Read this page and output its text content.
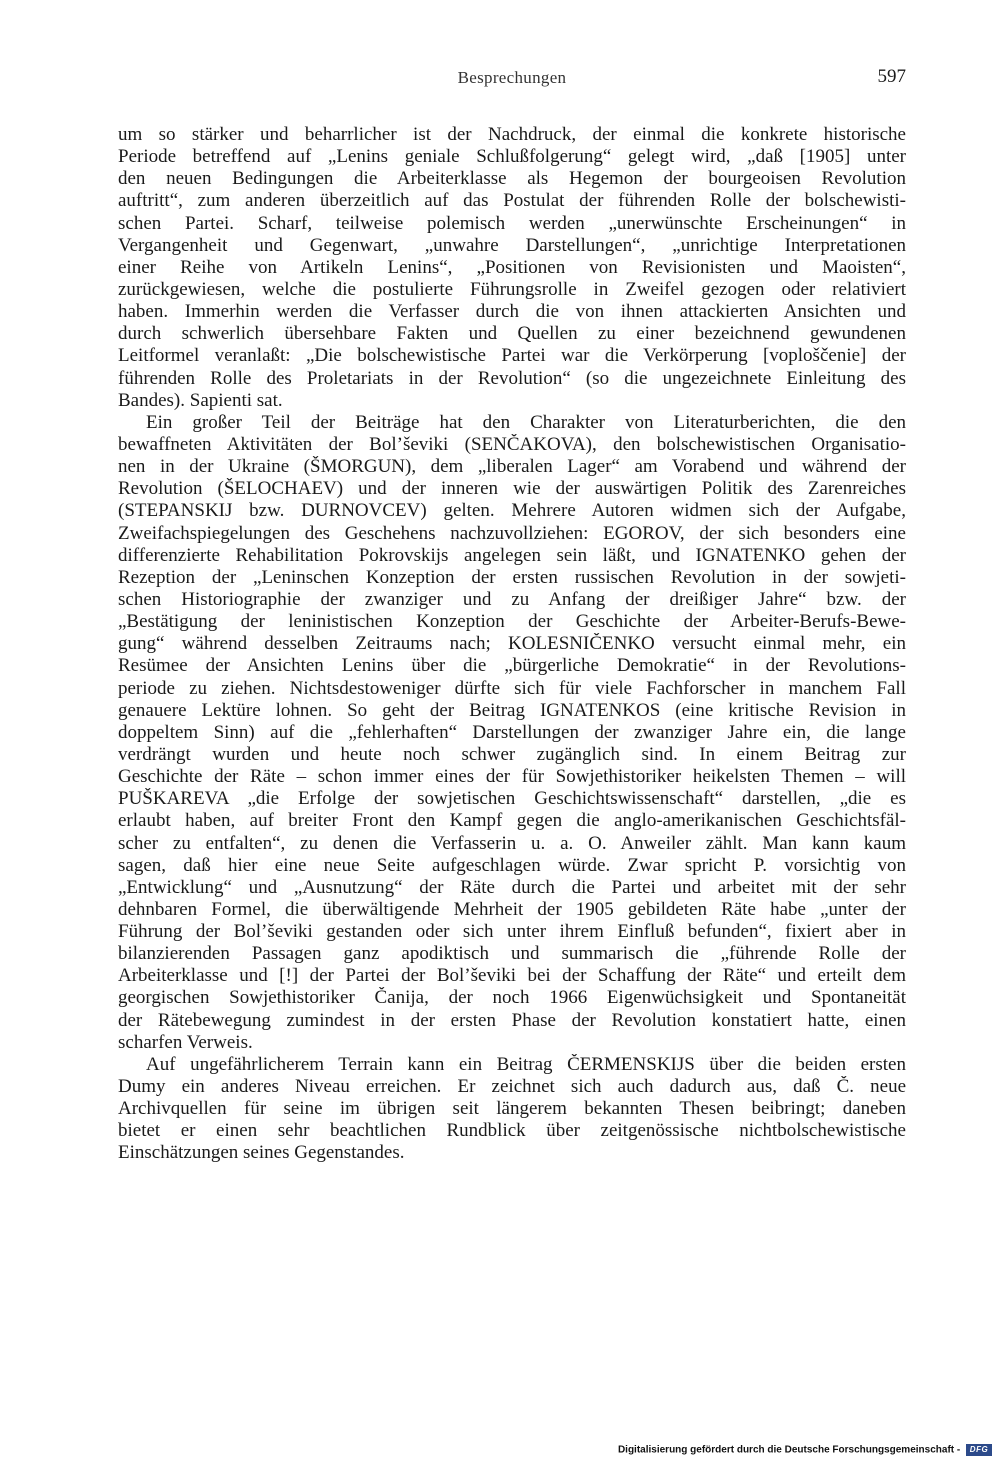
Besprechungen	597
um so stärker und beharrlicher ist der Nachdruck, der einmal die konkrete historische
Periode betreffend auf „Lenins geniale Schlußfolgerung“ gelegt wird, „daß [1905] unter
den neuen Bedingungen die Arbeiterklasse als Hegemon der bourgeoisen Revolution
auftritt“, zum anderen überzeitlich auf das Postulat der führenden Rolle der bolschewisti-
schen Partei. Scharf, teilweise polemisch werden „unerwünschte Erscheinungen“ in
Vergangenheit und Gegenwart, „unwahre Darstellungen“, „unrichtige Interpretationen
einer Reihe von Artikeln Lenins“, „Positionen von Revisionisten und Maoisten“,
zurückgewiesen, welche die postulierte Führungsrolle in Zweifel gezogen oder relativiert
haben. Immerhin werden die Verfasser durch die von ihnen attackierten Ansichten und
durch schwerlich übersehbare Fakten und Quellen zu einer bezeichnend gewundenen
Leitformel veranlaßt: „Die bolschewistische Partei war die Verkörperung [voploščenie] der
führenden Rolle des Proletariats in der Revolution“ (so die ungezeichnete Einleitung des
Bandes). Sapienti sat.
Ein großer Teil der Beiträge hat den Charakter von Literaturberichten, die den
bewaffneten Aktivitäten der Bol’ševiki (SENČAKOVA), den bolschewistischen Organisatio-
nen in der Ukraine (ŠMORGUN), dem „liberalen Lager“ am Vorabend und während der
Revolution (ŠELOCHAEV) und der inneren wie der auswärtigen Politik des Zarenreiches
(STEPANSKIJ bzw. DURNOVCEV) gelten. Mehrere Autoren widmen sich der Aufgabe,
Zweifachspiegelungen des Geschehens nachzuvollziehen: EGOROV, der sich besonders eine
differenzierte Rehabilitation Pokrovskijs angelegen sein läßt, und IGNATENKO gehen der
Rezeption der „Leninschen Konzeption der ersten russischen Revolution in der sowjeti-
schen Historiographie der zwanziger und zu Anfang der dreißiger Jahre“ bzw. der
„Bestätigung der leninistischen Konzeption der Geschichte der Arbeiter-Berufs-Bewe-
gung“ während desselben Zeitraums nach; KOLESNIČENKO versucht einmal mehr, ein
Resümee der Ansichten Lenins über die „bürgerliche Demokratie“ in der Revolutions-
periode zu ziehen. Nichtsdestoweniger dürfte sich für viele Fachforscher in manchem Fall
genauere Lektüre lohnen. So geht der Beitrag IGNATENKOS (eine kritische Revision in
doppeltem Sinn) auf die „fehlerhaften“ Darstellungen der zwanziger Jahre ein, die lange
verdrängt wurden und heute noch schwer zugänglich sind. In einem Beitrag zur
Geschichte der Räte – schon immer eines der für Sowjethistoriker heikelsten Themen – will
PUŠKAREVA „die Erfolge der sowjetischen Geschichtswissenschaft“ darstellen, „die es
erlaubt haben, auf breiter Front den Kampf gegen die anglo-amerikanischen Geschichtsfäl-
scher zu entfalten“, zu denen die Verfasserin u. a. O. Anweiler zählt. Man kann kaum
sagen, daß hier eine neue Seite aufgeschlagen würde. Zwar spricht P. vorsichtig von
„Entwicklung“ und „Ausnutzung“ der Räte durch die Partei und arbeitet mit der sehr
dehnbaren Formel, die überwältigende Mehrheit der 1905 gebildeten Räte habe „unter der
Führung der Bol’ševiki gestanden oder sich unter ihrem Einfluß befunden“, fixiert aber in
bilanzierenden Passagen ganz apodiktisch und summarisch die „führende Rolle der
Arbeiterklasse und [!] der Partei der Bol’ševiki bei der Schaffung der Räte“ und erteilt dem
georgischen Sowjethistoriker Čanija, der noch 1966 Eigenwüchsigkeit und Spontaneität
der Rätebewegung zumindest in der ersten Phase der Revolution konstatiert hatte, einen
scharfen Verweis.
Auf ungefährlicherem Terrain kann ein Beitrag ČERMENSKIJS über die beiden ersten
Dumy ein anderes Niveau erreichen. Er zeichnet sich auch dadurch aus, daß Č. neue
Archivquellen für seine im übrigen seit längerem bekannten Thesen beibringt; daneben
bietet er einen sehr beachtlichen Rundblick über zeitgenössische nichtbolschewistische
Einschätzungen seines Gegenstandes.
Digitalisierung gefördert durch die Deutsche Forschungsgemeinschaft - DFG
